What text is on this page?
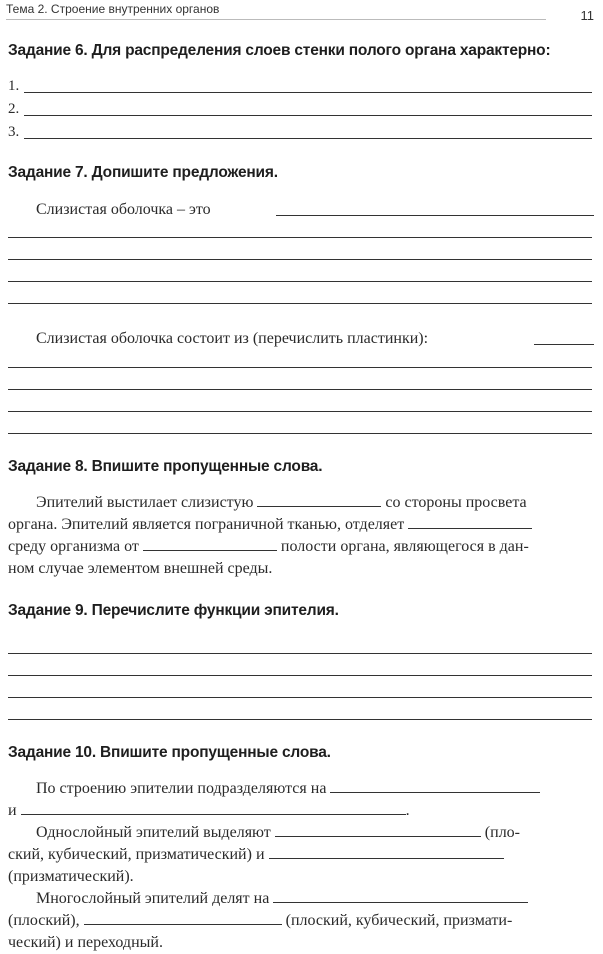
Тема 2. Строение внутренних органов	11
Задание 6. Для распределения слоев стенки полого органа характерно:
1.
2.
3.
Задание 7. Допишите предложения.
Слизистая оболочка – это
Слизистая оболочка состоит из (перечислить пластинки):
Задание 8. Впишите пропущенные слова.
Эпителий выстилает слизистую	со стороны просвета
органа. Эпителий является пограничной тканью, отделяет
среду организма от	полости органа, являющегося в дан-
ном случае элементом внешней среды.
Задание 9. Перечислите функции эпителия.
Задание 10. Впишите пропущенные слова.
По строению эпителии подразделяются на
и	.
Однослойный эпителий выделяют	(пло-
ский, кубический, призматический) и
(призматический).
Многослойный эпителий делят на
(плоский),	(плоский, кубический, призмати-
ческий) и переходный.
